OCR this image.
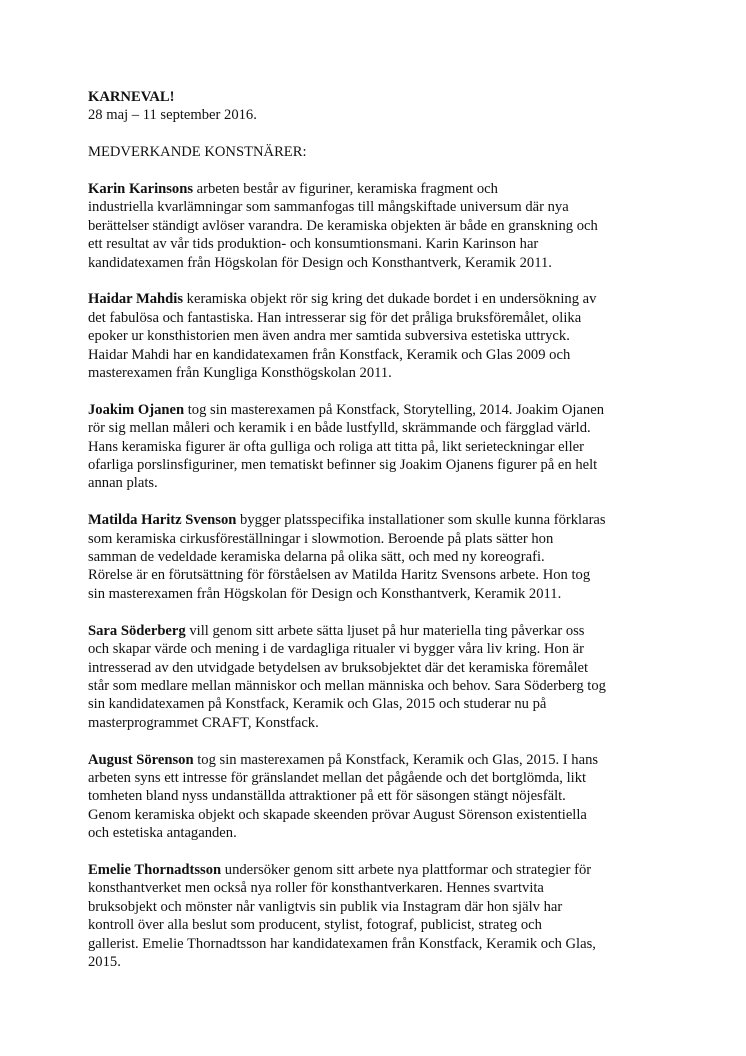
KARNEVAL!

28 maj – 11 september 2016.

MEDVERKANDE KONSTNÄRER:

Karin Karinsons arbeten består av figuriner, keramiska fragment och
industriella kvarlämningar som sammanfogas till mångskiftade universum där nya
berättelser ständigt avlöser varandra. De keramiska objekten är både en granskning och
ett resultat av vår tids produktion- och konsumtionsmani. Karin Karinson har
kandidatexamen från Högskolan för Design och Konsthantverk, Keramik 2011.

Haidar Mahdis keramiska objekt rör sig kring det dukade bordet i en undersökning av
det fabulösa och fantastiska. Han intresserar sig för det pråliga bruksföremålet, olika
epoker ur konsthistorien men även andra mer samtida subversiva estetiska uttryck.
Haidar Mahdi har en kandidatexamen från Konstfack, Keramik och Glas 2009 och
masterexamen från Kungliga Konsthögskolan 2011.

Joakim Ojanen tog sin masterexamen på Konstfack, Storytelling, 2014. Joakim Ojanen
rör sig mellan måleri och keramik i en både lustfylld, skrämmande och färgglad värld.
Hans keramiska figurer är ofta gulliga och roliga att titta på, likt serieteckningar eller
ofarliga porslinsfiguriner, men tematiskt befinner sig Joakim Ojanens figurer på en helt
annan plats.

Matilda Haritz Svenson bygger platsspecifika installationer som skulle kunna förklaras
som keramiska cirkusföreställningar i slowmotion. Beroende på plats sätter hon
samman de vedeldade keramiska delarna på olika sätt, och med ny koreografi.
Rörelse är en förutsättning för förståelsen av Matilda Haritz Svensons arbete. Hon tog
sin masterexamen från Högskolan för Design och Konsthantverk, Keramik 2011.

Sara Söderberg vill genom sitt arbete sätta ljuset på hur materiella ting påverkar oss
och skapar värde och mening i de vardagliga ritualer vi bygger våra liv kring. Hon är
intresserad av den utvidgade betydelsen av bruksobjektet där det keramiska föremålet
står som medlare mellan människor och mellan människa och behov. Sara Söderberg tog
sin kandidatexamen på Konstfack, Keramik och Glas, 2015 och studerar nu på
masterprogrammet CRAFT, Konstfack.

August Sörenson tog sin masterexamen på Konstfack, Keramik och Glas, 2015. I hans
arbeten syns ett intresse för gränslandet mellan det pågående och det bortglömda, likt
tomheten bland nyss undanställda attraktioner på ett för säsongen stängt nöjesfält.
Genom keramiska objekt och skapade skeenden prövar August Sörenson existentiella
och estetiska antaganden.

Emelie Thornadtsson undersöker genom sitt arbete nya plattformar och strategier för
konsthantverket men också nya roller för konsthantverkaren. Hennes svartvita
bruksobjekt och mönster når vanligtvis sin publik via Instagram där hon själv har
kontroll över alla beslut som producent, stylist, fotograf, publicist, strateg och
gallerist. Emelie Thornadtsson har kandidatexamen från Konstfack, Keramik och Glas,
2015.
